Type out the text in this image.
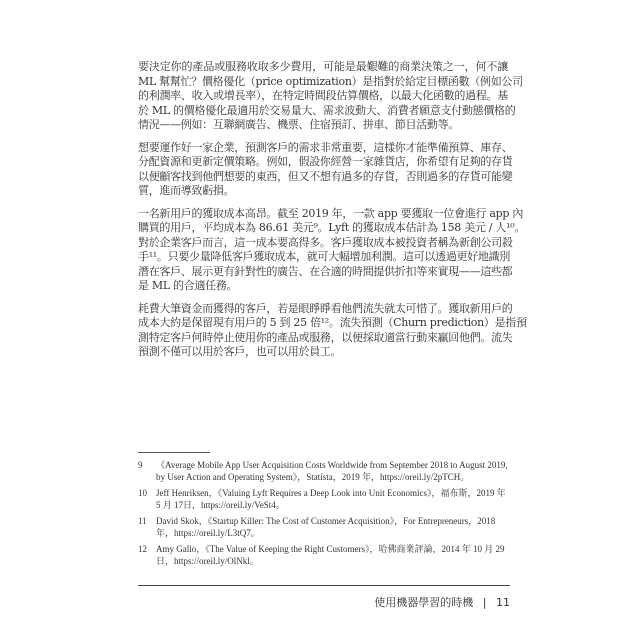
要決定你的產品或服務收取多少費用，可能是最艱難的商業決策之一，何不讓
ML 幫幫忙？價格優化（price optimization）是指對於給定目標函數（例如公司
的利潤率、收入或增長率），在特定時間段估算價格，以最大化函數的過程。基
於 ML 的價格優化最適用於交易量大、需求波動大、消費者願意支付動態價格的
情況——例如：互聯網廣告、機票、住宿預訂、拼車、節目活動等。
想要運作好一家企業，預測客戶的需求非常重要，這樣你才能準備預算、庫存、
分配資源和更新定價策略。例如，假設你經營一家雜貨店，你希望有足夠的存貨
以便顧客找到他們想要的東西，但又不想有過多的存貨，否則過多的存貨可能變
質，進而導致虧損。
一名新用戶的獲取成本高昂。截至 2019 年，一款 app 要獲取一位會進行 app 內
購買的用戶，平均成本為 86.61 美元⁹。Lyft 的獲取成本估計為 158 美元 / 人¹⁰。
對於企業客戶而言，這一成本要高得多。客戶獲取成本被投資者稱為新創公司殺
手¹¹。只要少量降低客戶獲取成本，就可大幅增加利潤。這可以透過更好地識別
潛在客戶、展示更有針對性的廣告、在合適的時間提供折扣等來實現——這些都
是 ML 的合適任務。
耗費大筆資金而獲得的客戶，若是眼睜睜看他們流失就太可惜了。獲取新用戶的
成本大約是保留現有用戶的 5 到 25 倍¹²。流失預測（Churn prediction）是指預
測特定客戶何時停止使用你的產品或服務，以便採取適當行動來贏回他們。流失
預測不僅可以用於客戶，也可以用於員工。
9 《Average Mobile App User Acquisition Costs Worldwide from September 2018 to August 2019, by User Action and Operating System》，Statista，2019 年，https://oreil.ly/2pTCH。
10 Jeff Henriksen，《Valuing Lyft Requires a Deep Look into Unit Economics》，福布斯，2019 年 5 月 17日，https://oreil.ly/VeSt4。
11 David Skok，《Startup Killer: The Cost of Customer Acquisition》，For Entrepreneurs，2018 年，https://oreil.ly/L3tQ7。
12 Amy Gallo，《The Value of Keeping the Right Customers》，哈佛商業評論，2014 年 10 月 29 日，https://oreil.ly/OlNkl。
使用機器學習的時機 | 11
